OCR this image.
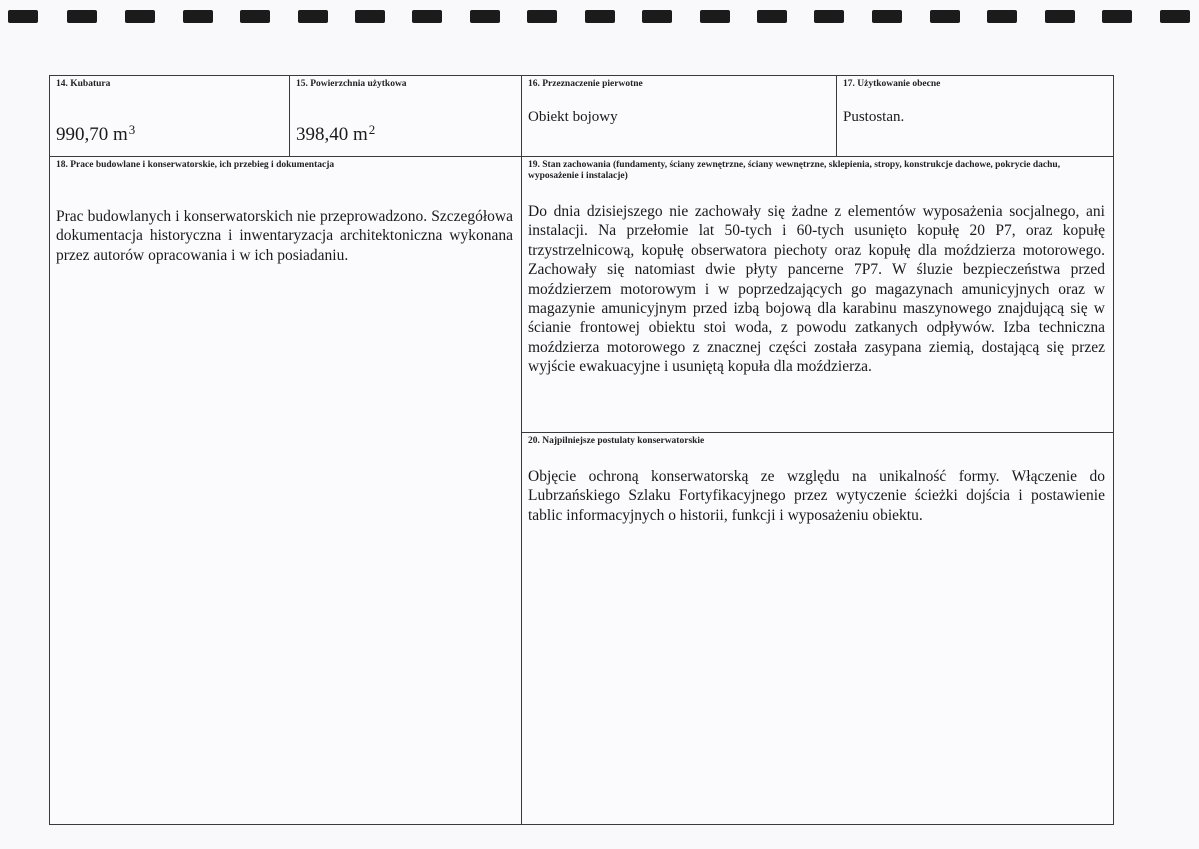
14. Kubatura
990,70 $m^3$
15. Powierzchnia użytkowa
398,40 $m^2$
16. Przeznaczenie pierwotne
Obiekt bojowy
17. Użytkowanie obecne
Pustostan.
18. Prace budowlane i konserwatorskie, ich przebieg i dokumentacja
Prac budowlanych i konserwatorskich nie przeprowadzono. Szczegółowa dokumentacja historyczna i inwentaryzacja architektoniczna wykonana przez autorów opracowania i w ich posiadaniu.
19. Stan zachowania (fundamenty, ściany zewnętrzne, ściany wewnętrzne, sklepienia, stropy, konstrukcje dachowe, pokrycie dachu, wyposażenie i instalacje)
Do dnia dzisiejszego nie zachowały się żadne z elementów wyposażenia socjalnego, ani instalacji. Na przełomie lat 50-tych i 60-tych usunięto kopułę 20 P7, oraz kopułę trzystrzelnicową, kopułę obserwatora piechoty oraz kopułę dla moździerza motorowego. Zachowały się natomiast dwie płyty pancerne 7P7. W śluzie bezpieczeństwa przed moździerzem motorowym i w poprzedzających go magazynach amunicyjnych oraz w magazynie amunicyjnym przed izbą bojową dla karabinu maszynowego znajdującą się w ścianie frontowej obiektu stoi woda, z powodu zatkanych odpływów. Izba techniczna moździerza motorowego z znacznej części została zasypana ziemią, dostającą się przez wyjście ewakuacyjne i usuniętą kopuła dla moździerza.
20. Najpilniejsze postulaty konserwatorskie
Objęcie ochroną konserwatorską ze względu na unikalność formy. Włączenie do Lubrzańskiego Szlaku Fortyfikacyjnego przez wytyczenie ścieżki dojścia i postawienie tablic informacyjnych o historii, funkcji i wyposażeniu obiektu.
